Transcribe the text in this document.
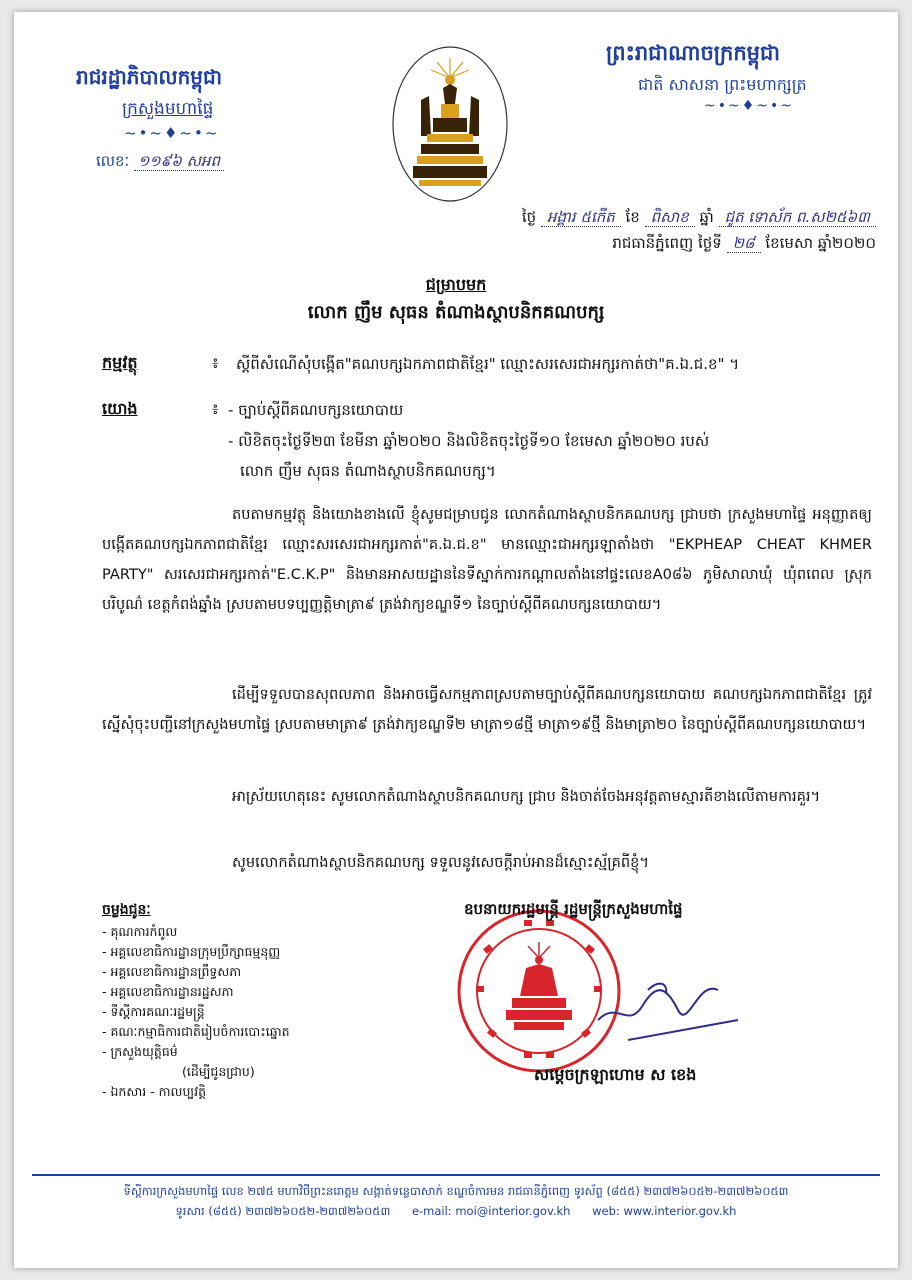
រាជរដ្ឋាភិបាលកម្ពុជា
ក្រសួងមហាផ្ទៃ
~•~♦~•~
លេខៈ ១១៩៦ សអព
ព្រះរាជាណាចក្រកម្ពុជា
ជាតិ សាសនា ព្រះមហាក្សត្រ
~•~♦~•~
ថ្ងៃ អង្គារ ៥កើត ខែ ពិសាខ ឆ្នាំ ជូត ទោស័ក ព.ស២៥៦៣
រាជធានីភ្នំពេញ ថ្ងៃទី ២៨ ខែមេសា ឆ្នាំ២០២០
ជម្រាបមក
លោក ញឹម សុធន តំណាងស្ថាបនិកគណបក្ស
កម្មវត្ថុ	៖ ស្តីពីសំណើសុំបង្កើត"គណបក្សឯកភាពជាតិខ្មែរ" ឈ្មោះសរសេរជាអក្សរកាត់ថា"គ.ឯ.ជ.ខ" ។
យោង	៖ - ច្បាប់ស្តីពីគណបក្សនយោបាយ
- លិខិតចុះថ្ងៃទី២៣ ខែមីនា ឆ្នាំ២០២០ និងលិខិតចុះថ្ងៃទី១០ ខែមេសា ឆ្នាំ២០២០ របស់
លោក ញឹម សុធន តំណាងស្ថាបនិកគណបក្ស។
តបតាមកម្មវត្ថុ និងយោងខាងលើ ខ្ញុំសូមជម្រាបជូន លោកតំណាងស្ថាបនិកគណបក្ស ជ្រាបថា ក្រសួងមហាផ្ទៃ អនុញ្ញាតឲ្យបង្កើតគណបក្សឯកភាពជាតិខ្មែរ ឈ្មោះសរសេរជាអក្សរកាត់"គ.ឯ.ជ.ខ" មានឈ្មោះជាអក្សរឡាតាំងថា "EKPHEAP CHEAT KHMER PARTY" សរសេរជាអក្សរកាត់"E.C.K.P" និងមានអាសយដ្ឋាននៃទីស្នាក់ការកណ្តាលតាំងនៅផ្ទះលេខA0៨៦ ភូមិសាលាឃុំ ឃុំពពេល ស្រុកបរិបូណ៌ ខេត្តកំពង់ឆ្នាំង ស្របតាមបទប្បញ្ញត្តិមាត្រា៩ ត្រង់វាក្យខណ្ឌទី១ នៃច្បាប់ស្តីពីគណបក្សនយោបាយ។
ដើម្បីទទួលបានសុពលភាព និងអាចធ្វើសកម្មភាពស្របតាមច្បាប់ស្តីពីគណបក្សនយោបាយ គណបក្សឯកភាពជាតិខ្មែរ ត្រូវស្នើសុំចុះបញ្ជីនៅក្រសួងមហាផ្ទៃ ស្របតាមមាត្រា៩ ត្រង់វាក្យខណ្ឌទី២ មាត្រា១៨ថ្មី មាត្រា១៩ថ្មី និងមាត្រា២០ នៃច្បាប់ស្តីពីគណបក្សនយោបាយ។
អាស្រ័យហេតុនេះ សូមលោកតំណាងស្ថាបនិកគណបក្ស ជ្រាប និងចាត់ចែងអនុវត្តតាមស្មារតីខាងលើតាមការគួរ។
សូមលោកតំណាងស្ថាបនិកគណបក្ស ទទួលនូវសេចក្តីរាប់អានដ៏ស្មោះស្ម័គ្រពីខ្ញុំ។
ចម្លងជូនៈ
- គុណការកំពូល
- អគ្គលេខាធិការដ្ឋានក្រុមប្រឹក្សាធម្មនុញ្ញ
- អគ្គលេខាធិការដ្ឋានព្រឹទ្ធសភា
- អគ្គលេខាធិការដ្ឋានរដ្ឋសភា
- ទីស្តីការគណៈរដ្ឋមន្ត្រី
- គណៈកម្មាធិការជាតិរៀបចំការបោះឆ្នោត
- ក្រសួងយុត្តិធម៌
(ដើម្បីជូនជ្រាប)
- ឯកសារ - កាលប្បវត្តិ
ឧបនាយករដ្ឋមន្ត្រី រដ្ឋមន្ត្រីក្រសួងមហាផ្ទៃ
សម្តេចក្រឡាហោម ស ខេង
ទីស្តីការក្រសួងមហាផ្ទៃ លេខ ២៧៥ មហាវិថីព្រះនរោត្តម សង្កាត់ទន្លេបាសាក់ ខណ្ឌចំការមន រាជធានីភ្នំពេញ ទូរស័ព្ទ (៨៥៥) ២៣៧២៦០៥២-២៣៧២៦០៥៣
ទូរសារ (៨៥៥) ២៣៧២៦០៥២-២៣៧២៦០៥៣ e-mail: moi@interior.gov.kh web: www.interior.gov.kh
